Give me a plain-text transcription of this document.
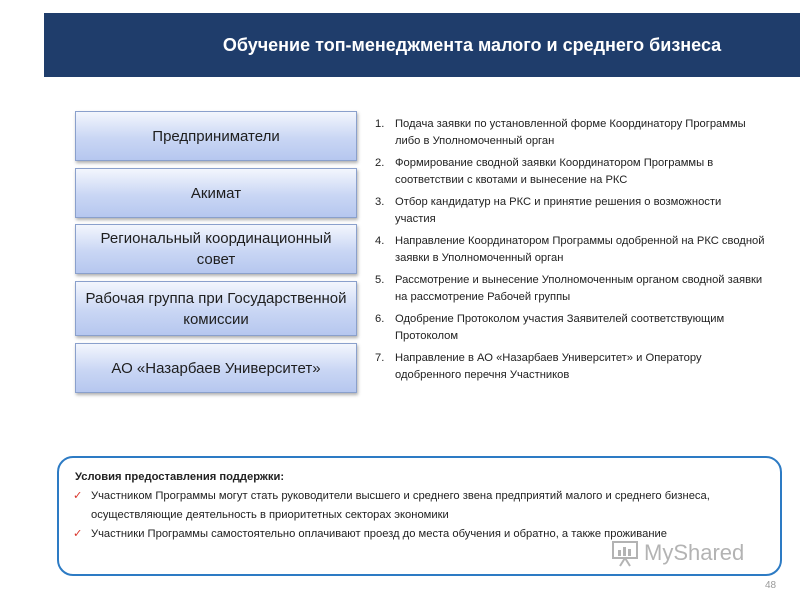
Обучение топ-менеджмента малого и среднего бизнеса
Предприниматели
Акимат
Региональный координационный совет
Рабочая группа при Государственной комиссии
АО «Назарбаев Университет»
1. Подача заявки по установленной форме Координатору Программы либо в Уполномоченный орган
2. Формирование сводной заявки Координатором Программы в соответствии с квотами и вынесение на РКС
3. Отбор кандидатур на РКС и принятие решения о возможности участия
4. Направление Координатором Программы одобренной на РКС сводной заявки в Уполномоченный орган
5. Рассмотрение и вынесение Уполномоченным органом сводной заявки на рассмотрение Рабочей группы
6. Одобрение Протоколом участия Заявителей соответствующим Протоколом
7. Направление в АО «Назарбаев Университет» и Оператору одобренного перечня Участников
Условия предоставления поддержки:
✓ Участником Программы могут стать руководители высшего и среднего звена предприятий малого и среднего бизнеса, осуществляющие деятельность в приоритетных секторах экономики
✓ Участники Программы самостоятельно оплачивают проезд до места обучения и обратно, а также проживание
MyShared
48
